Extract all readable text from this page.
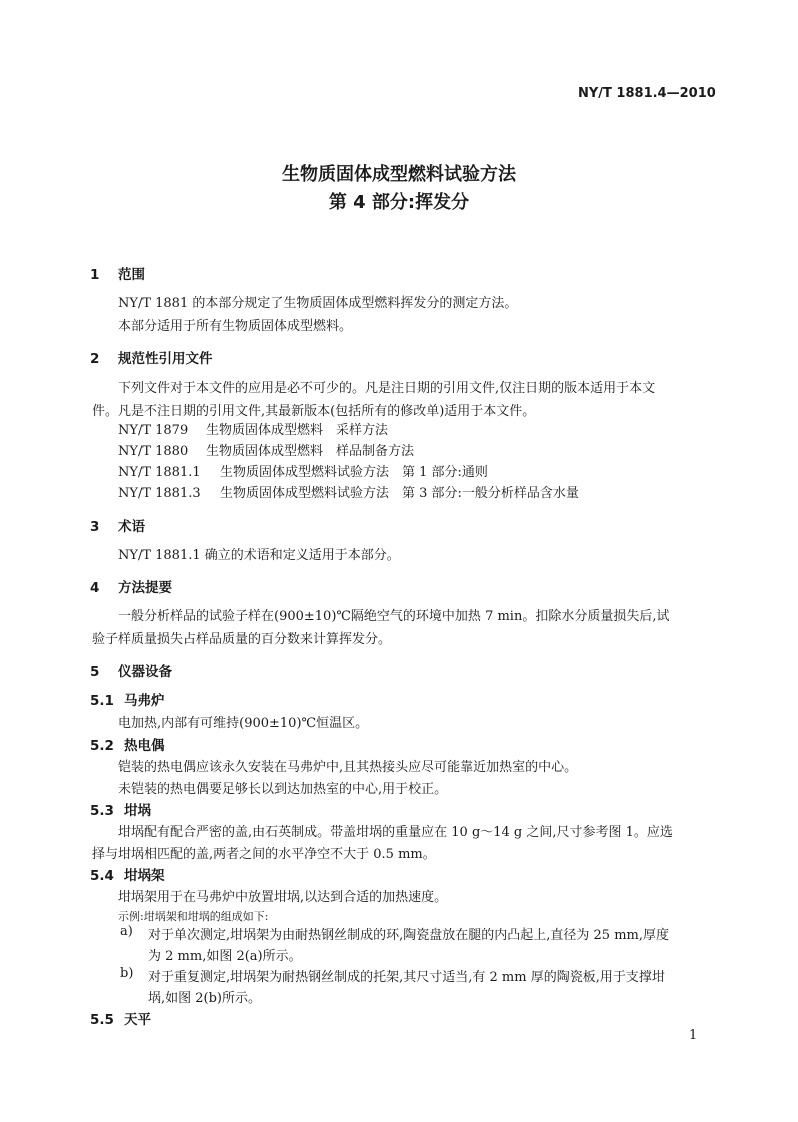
NY/T 1881.4—2010
生物质固体成型燃料试验方法
第 4 部分:挥发分
1 范围
NY/T 1881 的本部分规定了生物质固体成型燃料挥发分的测定方法。
本部分适用于所有生物质固体成型燃料。
2 规范性引用文件
下列文件对于本文件的应用是必不可少的。凡是注日期的引用文件,仅注日期的版本适用于本文
件。凡是不注日期的引用文件,其最新版本(包括所有的修改单)适用于本文件。
NY/T 1879 生物质固体成型燃料　采样方法
NY/T 1880 生物质固体成型燃料　样品制备方法
NY/T 1881.1 生物质固体成型燃料试验方法　第 1 部分:通则
NY/T 1881.3 生物质固体成型燃料试验方法　第 3 部分:一般分析样品含水量
3 术语
NY/T 1881.1 确立的术语和定义适用于本部分。
4 方法提要
一般分析样品的试验子样在(900±10)℃隔绝空气的环境中加热 7 min。扣除水分质量损失后,试
验子样质量损失占样品质量的百分数来计算挥发分。
5 仪器设备
5.1 马弗炉
电加热,内部有可维持(900±10)℃恒温区。
5.2 热电偶
铠装的热电偶应该永久安装在马弗炉中,且其热接头应尽可能靠近加热室的中心。
未铠装的热电偶要足够长以到达加热室的中心,用于校正。
5.3 坩埚
坩埚配有配合严密的盖,由石英制成。带盖坩埚的重量应在 10 g～14 g 之间,尺寸参考图 1。应选
择与坩埚相匹配的盖,两者之间的水平净空不大于 0.5 mm。
5.4 坩埚架
坩埚架用于在马弗炉中放置坩埚,以达到合适的加热速度。
示例:坩埚架和坩埚的组成如下:
a) 对于单次测定,坩埚架为由耐热钢丝制成的环,陶瓷盘放在腿的内凸起上,直径为 25 mm,厚度
为 2 mm,如图 2(a)所示。
b) 对于重复测定,坩埚架为耐热钢丝制成的托架,其尺寸适当,有 2 mm 厚的陶瓷板,用于支撑坩
埚,如图 2(b)所示。
5.5 天平
1
